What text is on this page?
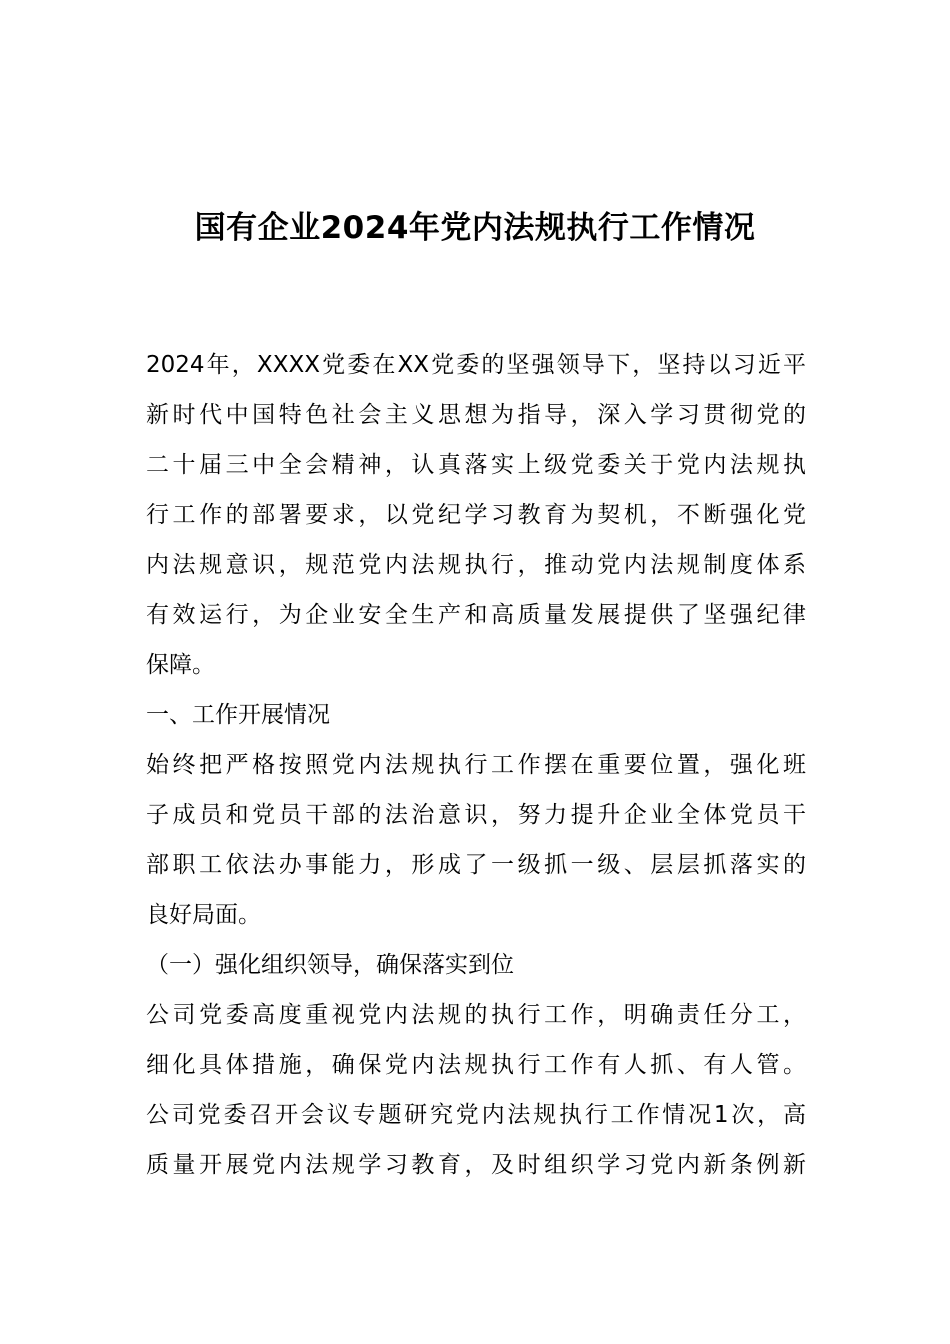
国有企业2024年党内法规执行工作情况
2024年，XXXX党委在XX党委的坚强领导下，坚持以习近平
新时代中国特色社会主义思想为指导，深入学习贯彻党的
二十届三中全会精神，认真落实上级党委关于党内法规执
行工作的部署要求，以党纪学习教育为契机，不断强化党
内法规意识，规范党内法规执行，推动党内法规制度体系
有效运行，为企业安全生产和高质量发展提供了坚强纪律
保障。
一、工作开展情况
始终把严格按照党内法规执行工作摆在重要位置，强化班
子成员和党员干部的法治意识，努力提升企业全体党员干
部职工依法办事能力，形成了一级抓一级、层层抓落实的
良好局面。
（一）强化组织领导，确保落实到位
公司党委高度重视党内法规的执行工作，明确责任分工，
细化具体措施，确保党内法规执行工作有人抓、有人管。
公司党委召开会议专题研究党内法规执行工作情况1次，高
质量开展党内法规学习教育，及时组织学习党内新条例新
